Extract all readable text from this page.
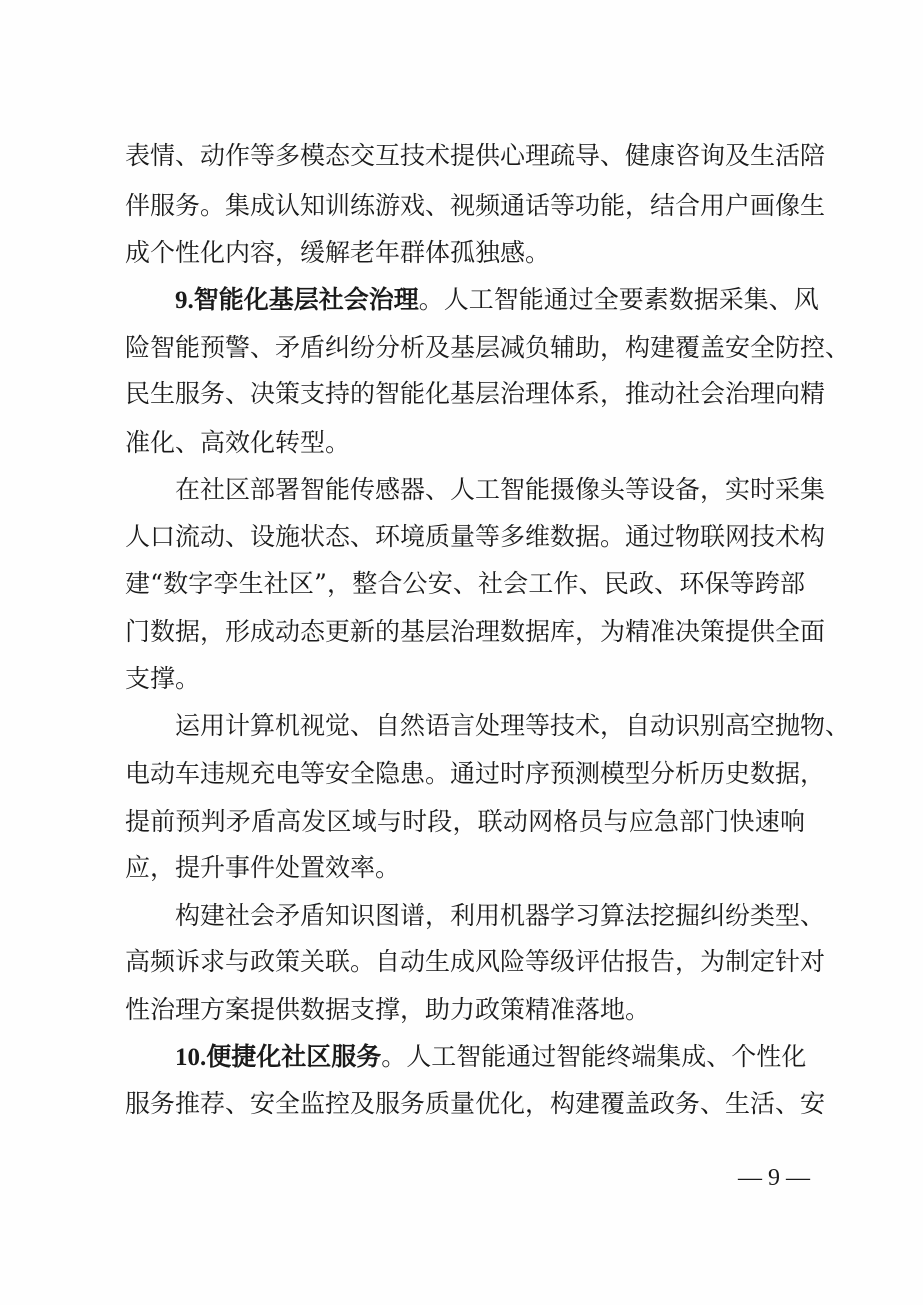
表情、动作等多模态交互技术提供心理疏导、健康咨询及生活陪
伴服务。集成认知训练游戏、视频通话等功能，结合用户画像生
成个性化内容，缓解老年群体孤独感。
9.智能化基层社会治理。人工智能通过全要素数据采集、风
险智能预警、矛盾纠纷分析及基层减负辅助，构建覆盖安全防控、
民生服务、决策支持的智能化基层治理体系，推动社会治理向精
准化、高效化转型。
在社区部署智能传感器、人工智能摄像头等设备，实时采集
人口流动、设施状态、环境质量等多维数据。通过物联网技术构
建“数字孪生社区”，整合公安、社会工作、民政、环保等跨部
门数据，形成动态更新的基层治理数据库，为精准决策提供全面
支撑。
运用计算机视觉、自然语言处理等技术，自动识别高空抛物、
电动车违规充电等安全隐患。通过时序预测模型分析历史数据，
提前预判矛盾高发区域与时段，联动网格员与应急部门快速响
应，提升事件处置效率。
构建社会矛盾知识图谱，利用机器学习算法挖掘纠纷类型、
高频诉求与政策关联。自动生成风险等级评估报告，为制定针对
性治理方案提供数据支撑，助力政策精准落地。
10.便捷化社区服务。人工智能通过智能终端集成、个性化
服务推荐、安全监控及服务质量优化，构建覆盖政务、生活、安
— 9 —
